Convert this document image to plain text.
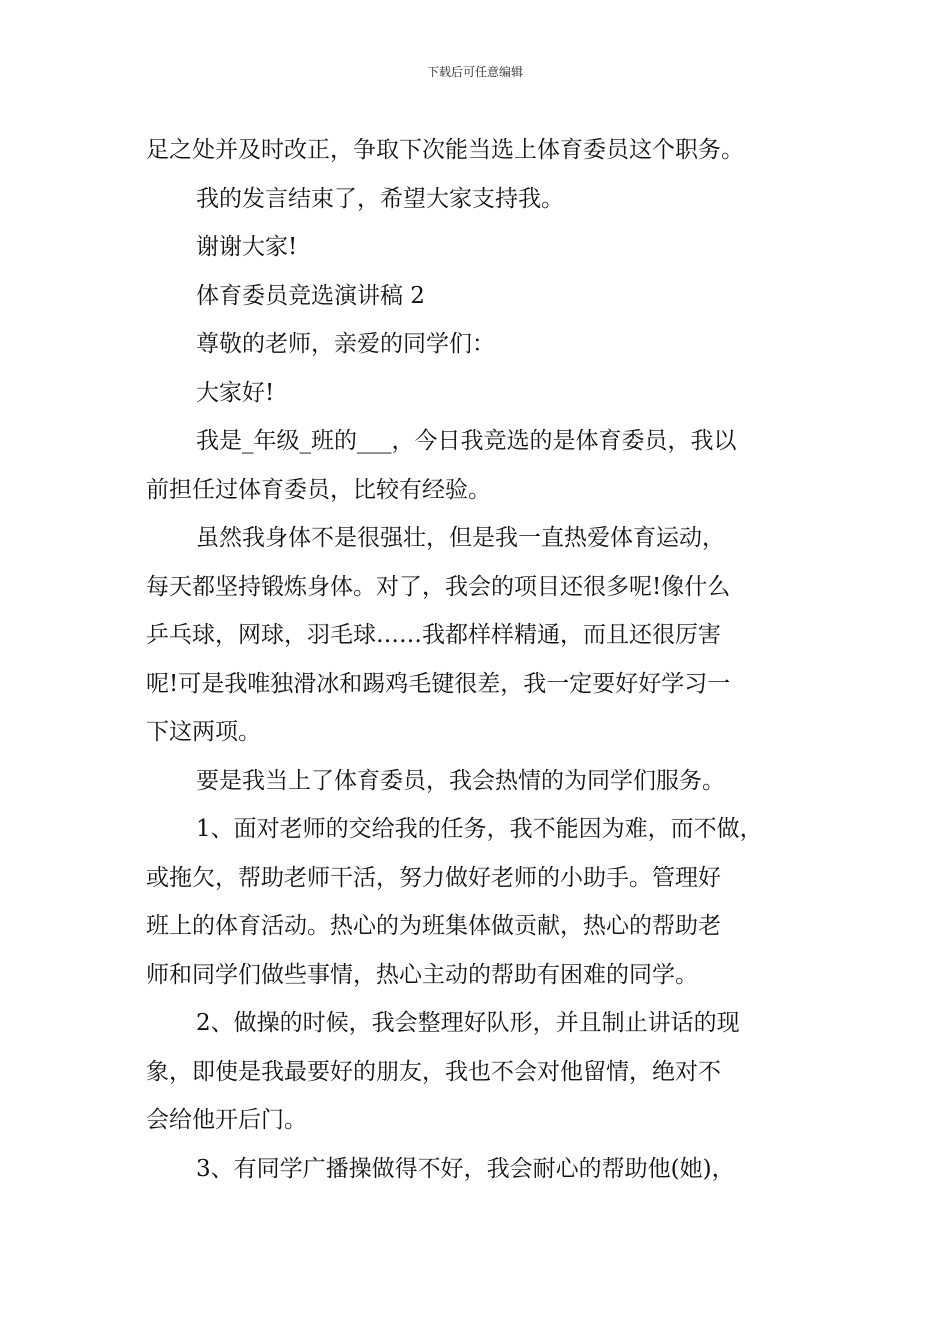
下载后可任意编辑
足之处并及时改正，争取下次能当选上体育委员这个职务。
我的发言结束了，希望大家支持我。
谢谢大家!
体育委员竞选演讲稿 2
尊敬的老师，亲爱的同学们：
大家好!
我是_年级_班的___，今日我竞选的是体育委员，我以
前担任过体育委员，比较有经验。
虽然我身体不是很强壮，但是我一直热爱体育运动，
每天都坚持锻炼身体。对了，我会的项目还很多呢!像什么
乒乓球，网球，羽毛球……我都样样精通，而且还很厉害
呢!可是我唯独滑冰和踢鸡毛键很差，我一定要好好学习一
下这两项。
要是我当上了体育委员，我会热情的为同学们服务。
1、面对老师的交给我的任务，我不能因为难，而不做，
或拖欠，帮助老师干活，努力做好老师的小助手。管理好
班上的体育活动。热心的为班集体做贡献，热心的帮助老
师和同学们做些事情，热心主动的帮助有困难的同学。
2、做操的时候，我会整理好队形，并且制止讲话的现
象，即使是我最要好的朋友，我也不会对他留情，绝对不
会给他开后门。
3、有同学广播操做得不好，我会耐心的帮助他(她)，
